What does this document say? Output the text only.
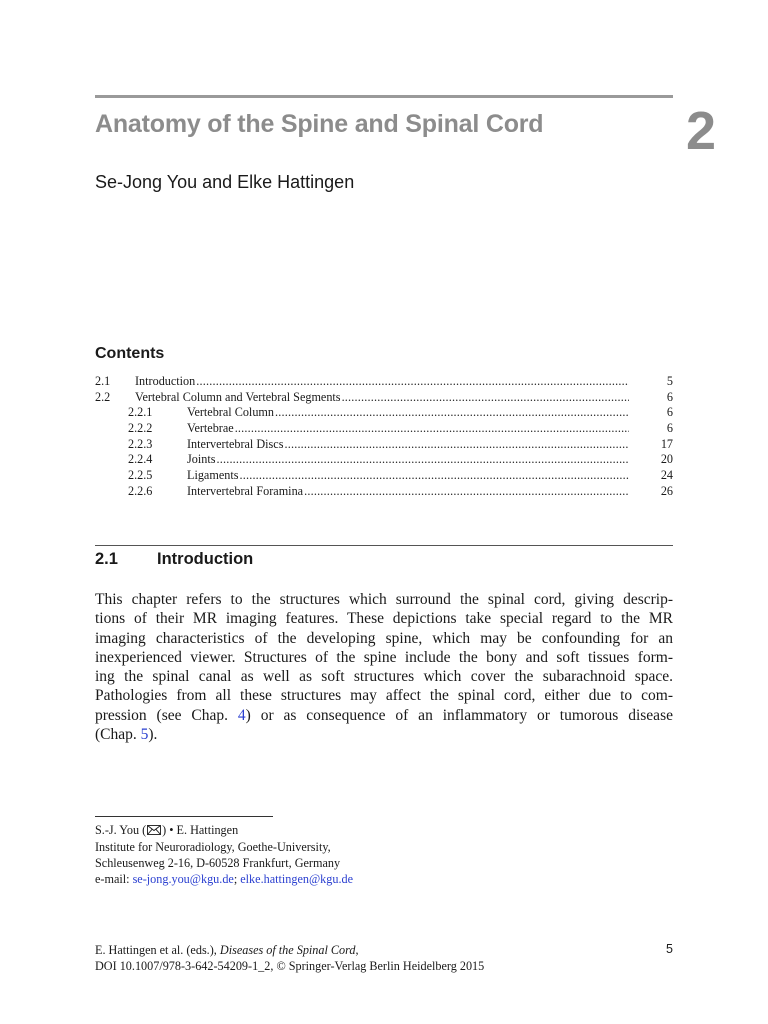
Anatomy of the Spine and Spinal Cord	2
Se-Jong You and Elke Hattingen
Contents
2.1	Introduction .....	5
2.2	Vertebral Column and Vertebral Segments .....	6
2.2.1	Vertebral Column .....	6
2.2.2	Vertebrae .....	6
2.2.3	Intervertebral Discs .....	17
2.2.4	Joints .....	20
2.2.5	Ligaments .....	24
2.2.6	Intervertebral Foramina .....	26
2.1 Introduction

This chapter refers to the structures which surround the spinal cord, giving descrip-
tions of their MR imaging features. These depictions take special regard to the MR
imaging characteristics of the developing spine, which may be confounding for an
inexperienced viewer. Structures of the spine include the bony and soft tissues form-
ing the spinal canal as well as soft structures which cover the subarachnoid space.
Pathologies from all these structures may affect the spinal cord, either due to com-
pression (see Chap. 4) or as consequence of an inflammatory or tumorous disease
(Chap. 5).

S.-J. You ( ) • E. Hattingen
Institute for Neuroradiology, Goethe-University,
Schleusenweg 2-16, D-60528 Frankfurt, Germany
e-mail: se-jong.you@kgu.de; elke.hattingen@kgu.de
E. Hattingen et al. (eds.), Diseases of the Spinal Cord,
DOI 10.1007/978-3-642-54209-1_2, © Springer-Verlag Berlin Heidelberg 2015
5
